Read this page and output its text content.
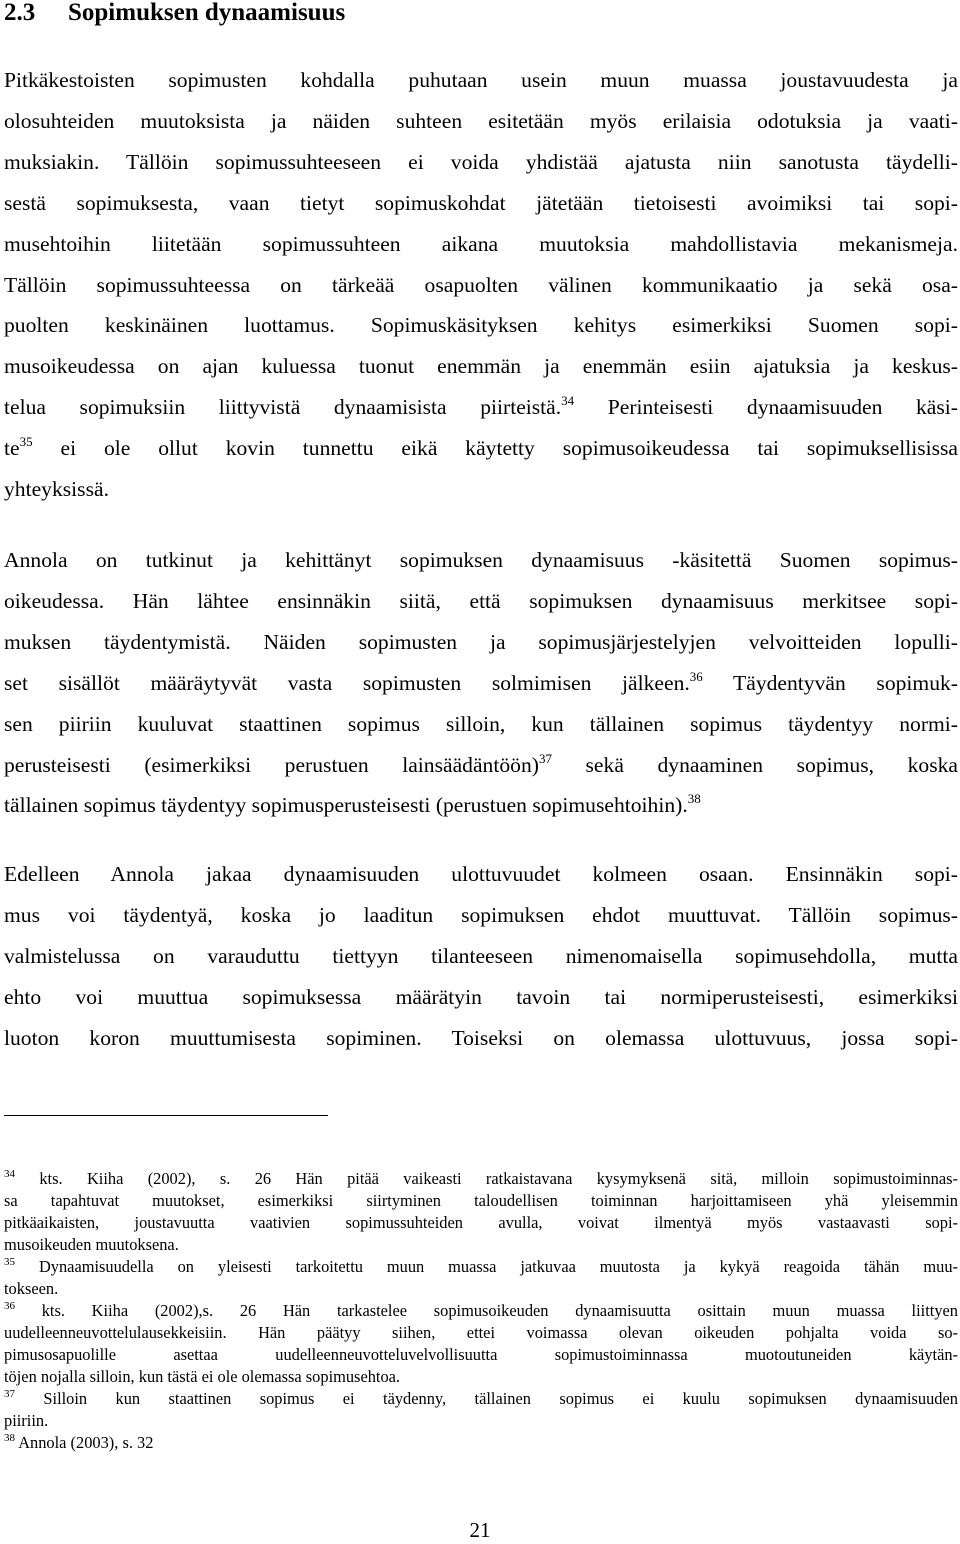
2.3 Sopimuksen dynaamisuus

Pitkäkestoisten sopimusten kohdalla puhutaan usein muun muassa joustavuudesta ja
olosuhteiden muutoksista ja näiden suhteen esitetään myös erilaisia odotuksia ja vaati-
muksiakin. Tällöin sopimussuhteeseen ei voida yhdistää ajatusta niin sanotusta täydelli-
sestä sopimuksesta, vaan tietyt sopimuskohdat jätetään tietoisesti avoimiksi tai sopi-
musehtoihin liitetään sopimussuhteen aikana muutoksia mahdollistavia mekanismeja.
Tällöin sopimussuhteessa on tärkeää osapuolten välinen kommunikaatio ja sekä osa-
puolten keskinäinen luottamus. Sopimuskäsityksen kehitys esimerkiksi Suomen sopi-
musoikeudessa on ajan kuluessa tuonut enemmän ja enemmän esiin ajatuksia ja keskus-
telua sopimuksiin liittyvistä dynaamisista piirteistä.$^{34}$ Perinteisesti dynaamisuuden käsi-
$te^{35}$ ei ole ollut kovin tunnettu eikä käytetty sopimusoikeudessa tai sopimuksellisissa
yhteyksissä.

Annola on tutkinut ja kehittänyt sopimuksen dynaamisuus -käsitettä Suomen sopimus-
oikeudessa. Hän lähtee ensinnäkin siitä, että sopimuksen dynaamisuus merkitsee sopi-
muksen täydentymistä. Näiden sopimusten ja sopimusjärjestelyjen velvoitteiden lopulli-
set sisällöt määräytyvät vasta sopimusten solmimisen jälkeen.$^{36}$ Täydentyvän sopimuk-
sen piiriin kuuluvat staattinen sopimus silloin, kun tällainen sopimus täydentyy normi-
perusteisesti (esimerkiksi perustuen lainsäädäntöön)$^{37}$ sekä dynaaminen sopimus, koska
tällainen sopimus täydentyy sopimusperusteisesti (perustuen sopimusehtoihin).$^{38}$

Edelleen Annola jakaa dynaamisuuden ulottuvuudet kolmeen osaan. Ensinnäkin sopi-
mus voi täydentyä, koska jo laaditun sopimuksen ehdot muuttuvat. Tällöin sopimus-
valmistelussa on varauduttu tiettyyn tilanteeseen nimenomaisella sopimusehdolla, mutta
ehto voi muuttua sopimuksessa määrätyin tavoin tai normiperusteisesti, esimerkiksi
luoton koron muuttumisesta sopiminen. Toiseksi on olemassa ulottuvuus, jossa sopi-

$^{34}$ kts. Kiiha (2002), s. 26 Hän pitää vaikeasti ratkaistavana kysymyksenä sitä, milloin sopimustoiminnas-
sa tapahtuvat muutokset, esimerkiksi siirtyminen taloudellisen toiminnan harjoittamiseen yhä yleisemmin
pitkäaikaisten, joustavuutta vaativien sopimussuhteiden avulla, voivat ilmentyä myös vastaavasti sopi-
musoikeuden muutoksena.
$^{35}$ Dynaamisuudella on yleisesti tarkoitettu muun muassa jatkuvaa muutosta ja kykyä reagoida tähän muu-
tokseen.
$^{36}$ kts. Kiiha (2002),s. 26 Hän tarkastelee sopimusoikeuden dynaamisuutta osittain muun muassa liittyen
uudelleenneuvottelulausekkeisiin. Hän päätyy siihen, ettei voimassa olevan oikeuden pohjalta voida so-
pimusosapuolille asettaa uudelleenneuvotteluvelvollisuutta sopimustoiminnassa muotoutuneiden käytän-
töjen nojalla silloin, kun tästä ei ole olemassa sopimusehtoa.
$^{37}$ Silloin kun staattinen sopimus ei täydenny, tällainen sopimus ei kuulu sopimuksen dynaamisuuden
piiriin.
$^{38}$ Annola (2003), s. 32
21
